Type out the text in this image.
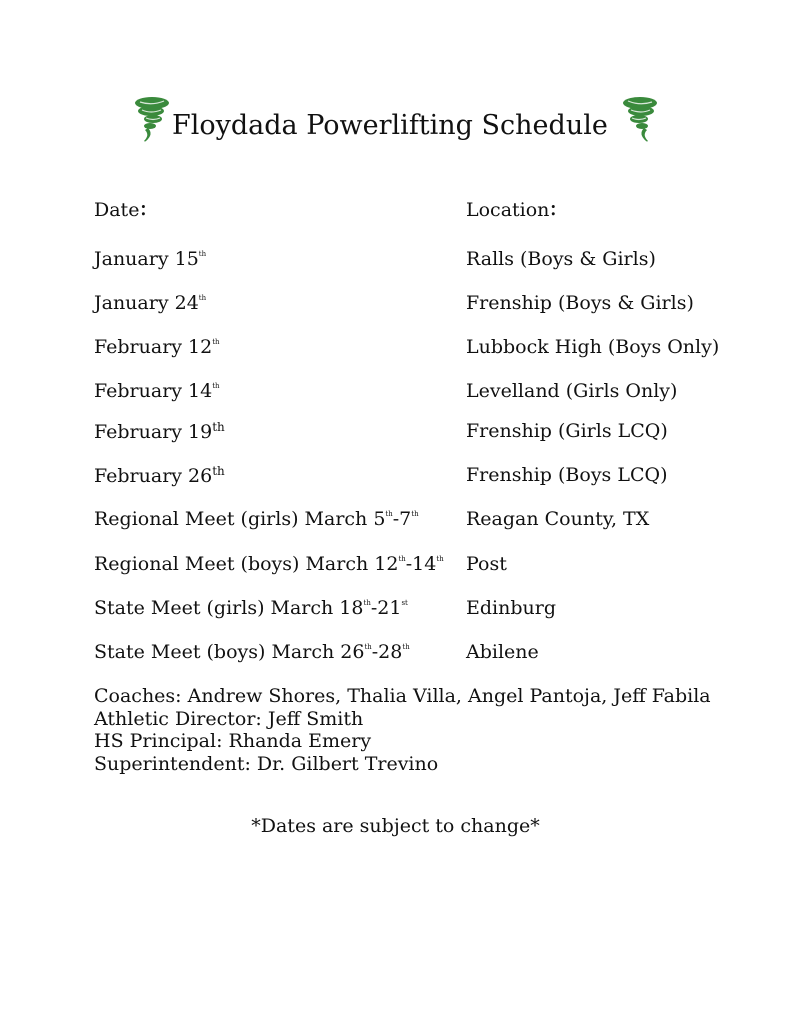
Floydada Powerlifting Schedule
Date:	Location:
January 15th	Ralls (Boys & Girls)
January 24th	Frenship (Boys & Girls)
February 12th	Lubbock High (Boys Only)
February 14th	Levelland (Girls Only)
February 19th	Frenship (Girls LCQ)
February 26th	Frenship (Boys LCQ)
Regional Meet (girls) March 5th-7th Reagan County, TX
Regional Meet (boys) March 12th-14th Post
State Meet (girls) March 18th-21st	Edinburg
State Meet (boys) March 26th-28th	Abilene
Coaches: Andrew Shores, Thalia Villa, Angel Pantoja, Jeff Fabila
Athletic Director: Jeff Smith
HS Principal: Rhanda Emery
Superintendent: Dr. Gilbert Trevino
*Dates are subject to change*
